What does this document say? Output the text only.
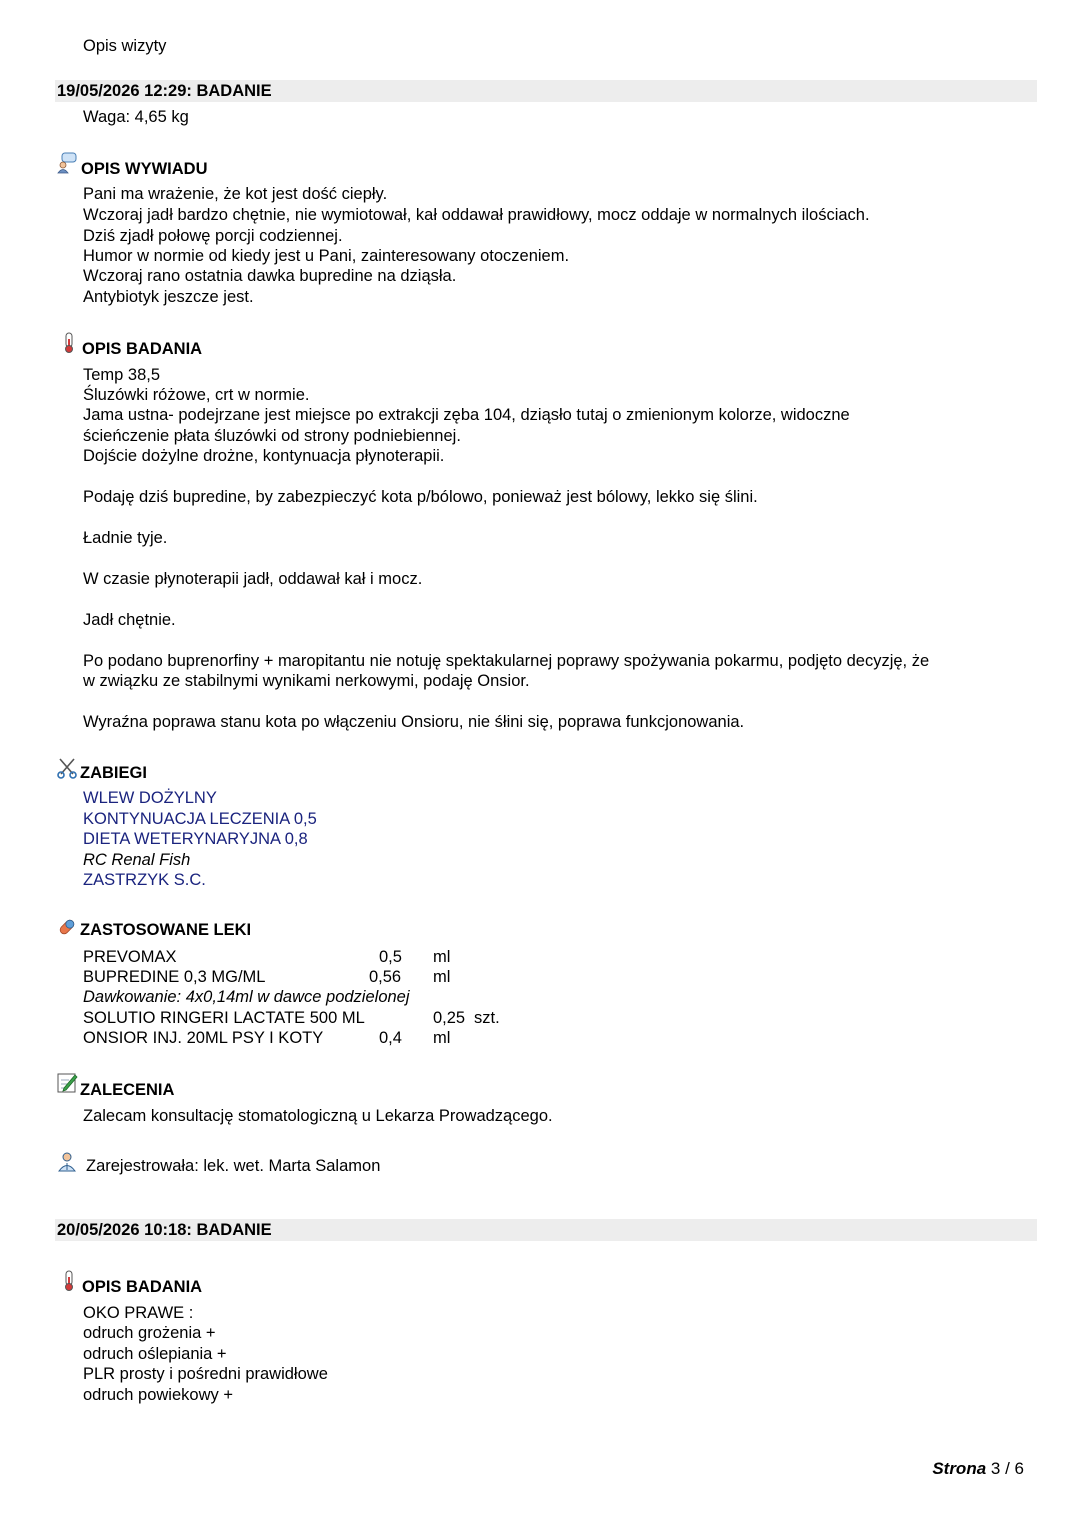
Opis wizyty
19/05/2026 12:29: BADANIE
Waga: 4,65 kg
OPIS WYWIADU
Pani ma wrażenie, że kot jest dość ciepły.
Wczoraj jadł bardzo chętnie, nie wymiotował, kał oddawał prawidłowy, mocz oddaje w normalnych ilościach.
Dziś zjadł połowę porcji codziennej.
Humor w normie od kiedy jest u Pani, zainteresowany otoczeniem.
Wczoraj rano ostatnia dawka bupredine na dziąsła.
Antybiotyk jeszcze jest.
OPIS BADANIA
Temp 38,5
Śluzówki różowe, crt w normie.
Jama ustna- podejrzane jest miejsce po extrakcji zęba 104, dziąsło tutaj o zmienionym kolorze, widoczne
ścieńczenie płata śluzówki od strony podniebiennej.
Dojście dożylne drożne, kontynuacja płynoterapii.
Podaję dziś bupredine, by zabezpieczyć kota p/bólowo, ponieważ jest bólowy, lekko się ślini.
Ładnie tyje.
W czasie płynoterapii jadł, oddawał kał i mocz.
Jadł chętnie.
Po podano buprenorfiny + maropitantu nie notuję spektakularnej poprawy spożywania pokarmu, podjęto decyzję, że
w związku ze stabilnymi wynikami nerkowymi, podaję Onsior.
Wyraźna poprawa stanu kota po włączeniu Onsioru, nie śłini się, poprawa funkcjonowania.
ZABIEGI
WLEW DOŻYLNY
KONTYNUACJA LECZENIA 0,5
DIETA WETERYNARYJNA 0,8
RC Renal Fish
ZASTRZYK S.C.
ZASTOSOWANE LEKI
PREVOMAX	0,5 ml
BUPREDINE 0,3 MG/ML	0,56 ml
Dawkowanie: 4x0,14ml w dawce podzielonej
SOLUTIO RINGERI LACTATE 500 ML	0,25 szt.
ONSIOR INJ. 20ML PSY I KOTY	0,4 ml
ZALECENIA
Zalecam konsultację stomatologiczną u Lekarza Prowadzącego.
Zarejestrowała: lek. wet. Marta Salamon
20/05/2026 10:18: BADANIE
OPIS BADANIA
OKO PRAWE :
odruch grożenia +
odruch oślepiania +
PLR prosty i pośredni prawidłowe
odruch powiekowy +
Strona 3 / 6
